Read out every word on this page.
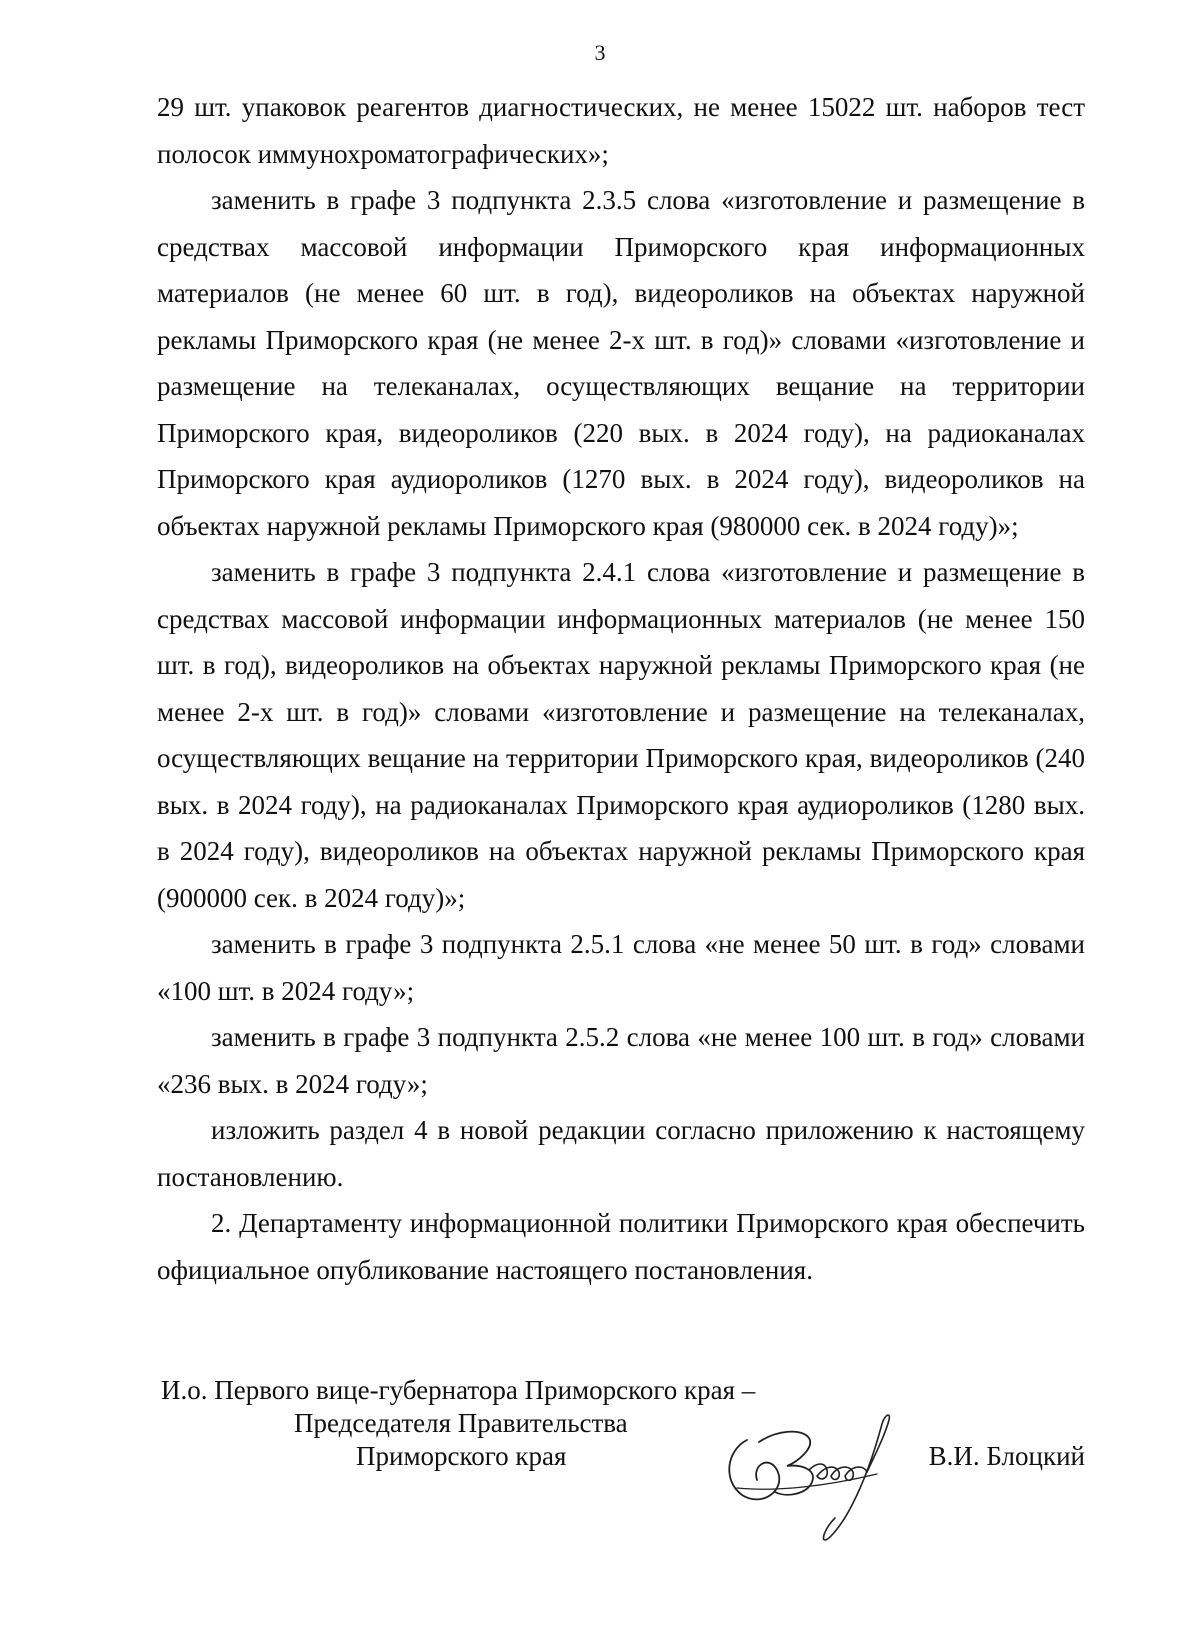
3

29 шт. упаковок реагентов диагностических, не менее 15022 шт. наборов тест полосок иммунохроматографических»;

заменить в графе 3 подпункта 2.3.5 слова «изготовление и размещение в средствах массовой информации Приморского края информационных материалов (не менее 60 шт. в год), видеороликов на объектах наружной рекламы Приморского края (не менее 2-х шт. в год)» словами «изготовление и размещение на телеканалах, осуществляющих вещание на территории Приморского края, видеороликов (220 вых. в 2024 году), на радиоканалах Приморского края аудиороликов (1270 вых. в 2024 году), видеороликов на объектах наружной рекламы Приморского края (980000 сек. в 2024 году)»;

заменить в графе 3 подпункта 2.4.1 слова «изготовление и размещение в средствах массовой информации информационных материалов (не менее 150 шт. в год), видеороликов на объектах наружной рекламы Приморского края (не менее 2-х шт. в год)» словами «изготовление и размещение на телеканалах, осуществляющих вещание на территории Приморского края, видеороликов (240 вых. в 2024 году), на радиоканалах Приморского края аудиороликов (1280 вых. в 2024 году), видеороликов на объектах наружной рекламы Приморского края (900000 сек. в 2024 году)»;

заменить в графе 3 подпункта 2.5.1 слова «не менее 50 шт. в год» словами «100 шт. в 2024 году»;

заменить в графе 3 подпункта 2.5.2 слова «не менее 100 шт. в год» словами «236 вых. в 2024 году»;

изложить раздел 4 в новой редакции согласно приложению к настоящему постановлению.

2. Департаменту информационной политики Приморского края обеспечить официальное опубликование настоящего постановления.

И.о. Первого вице-губернатора Приморского края –
Председателя Правительства
Приморского края	В.И. Блоцкий
